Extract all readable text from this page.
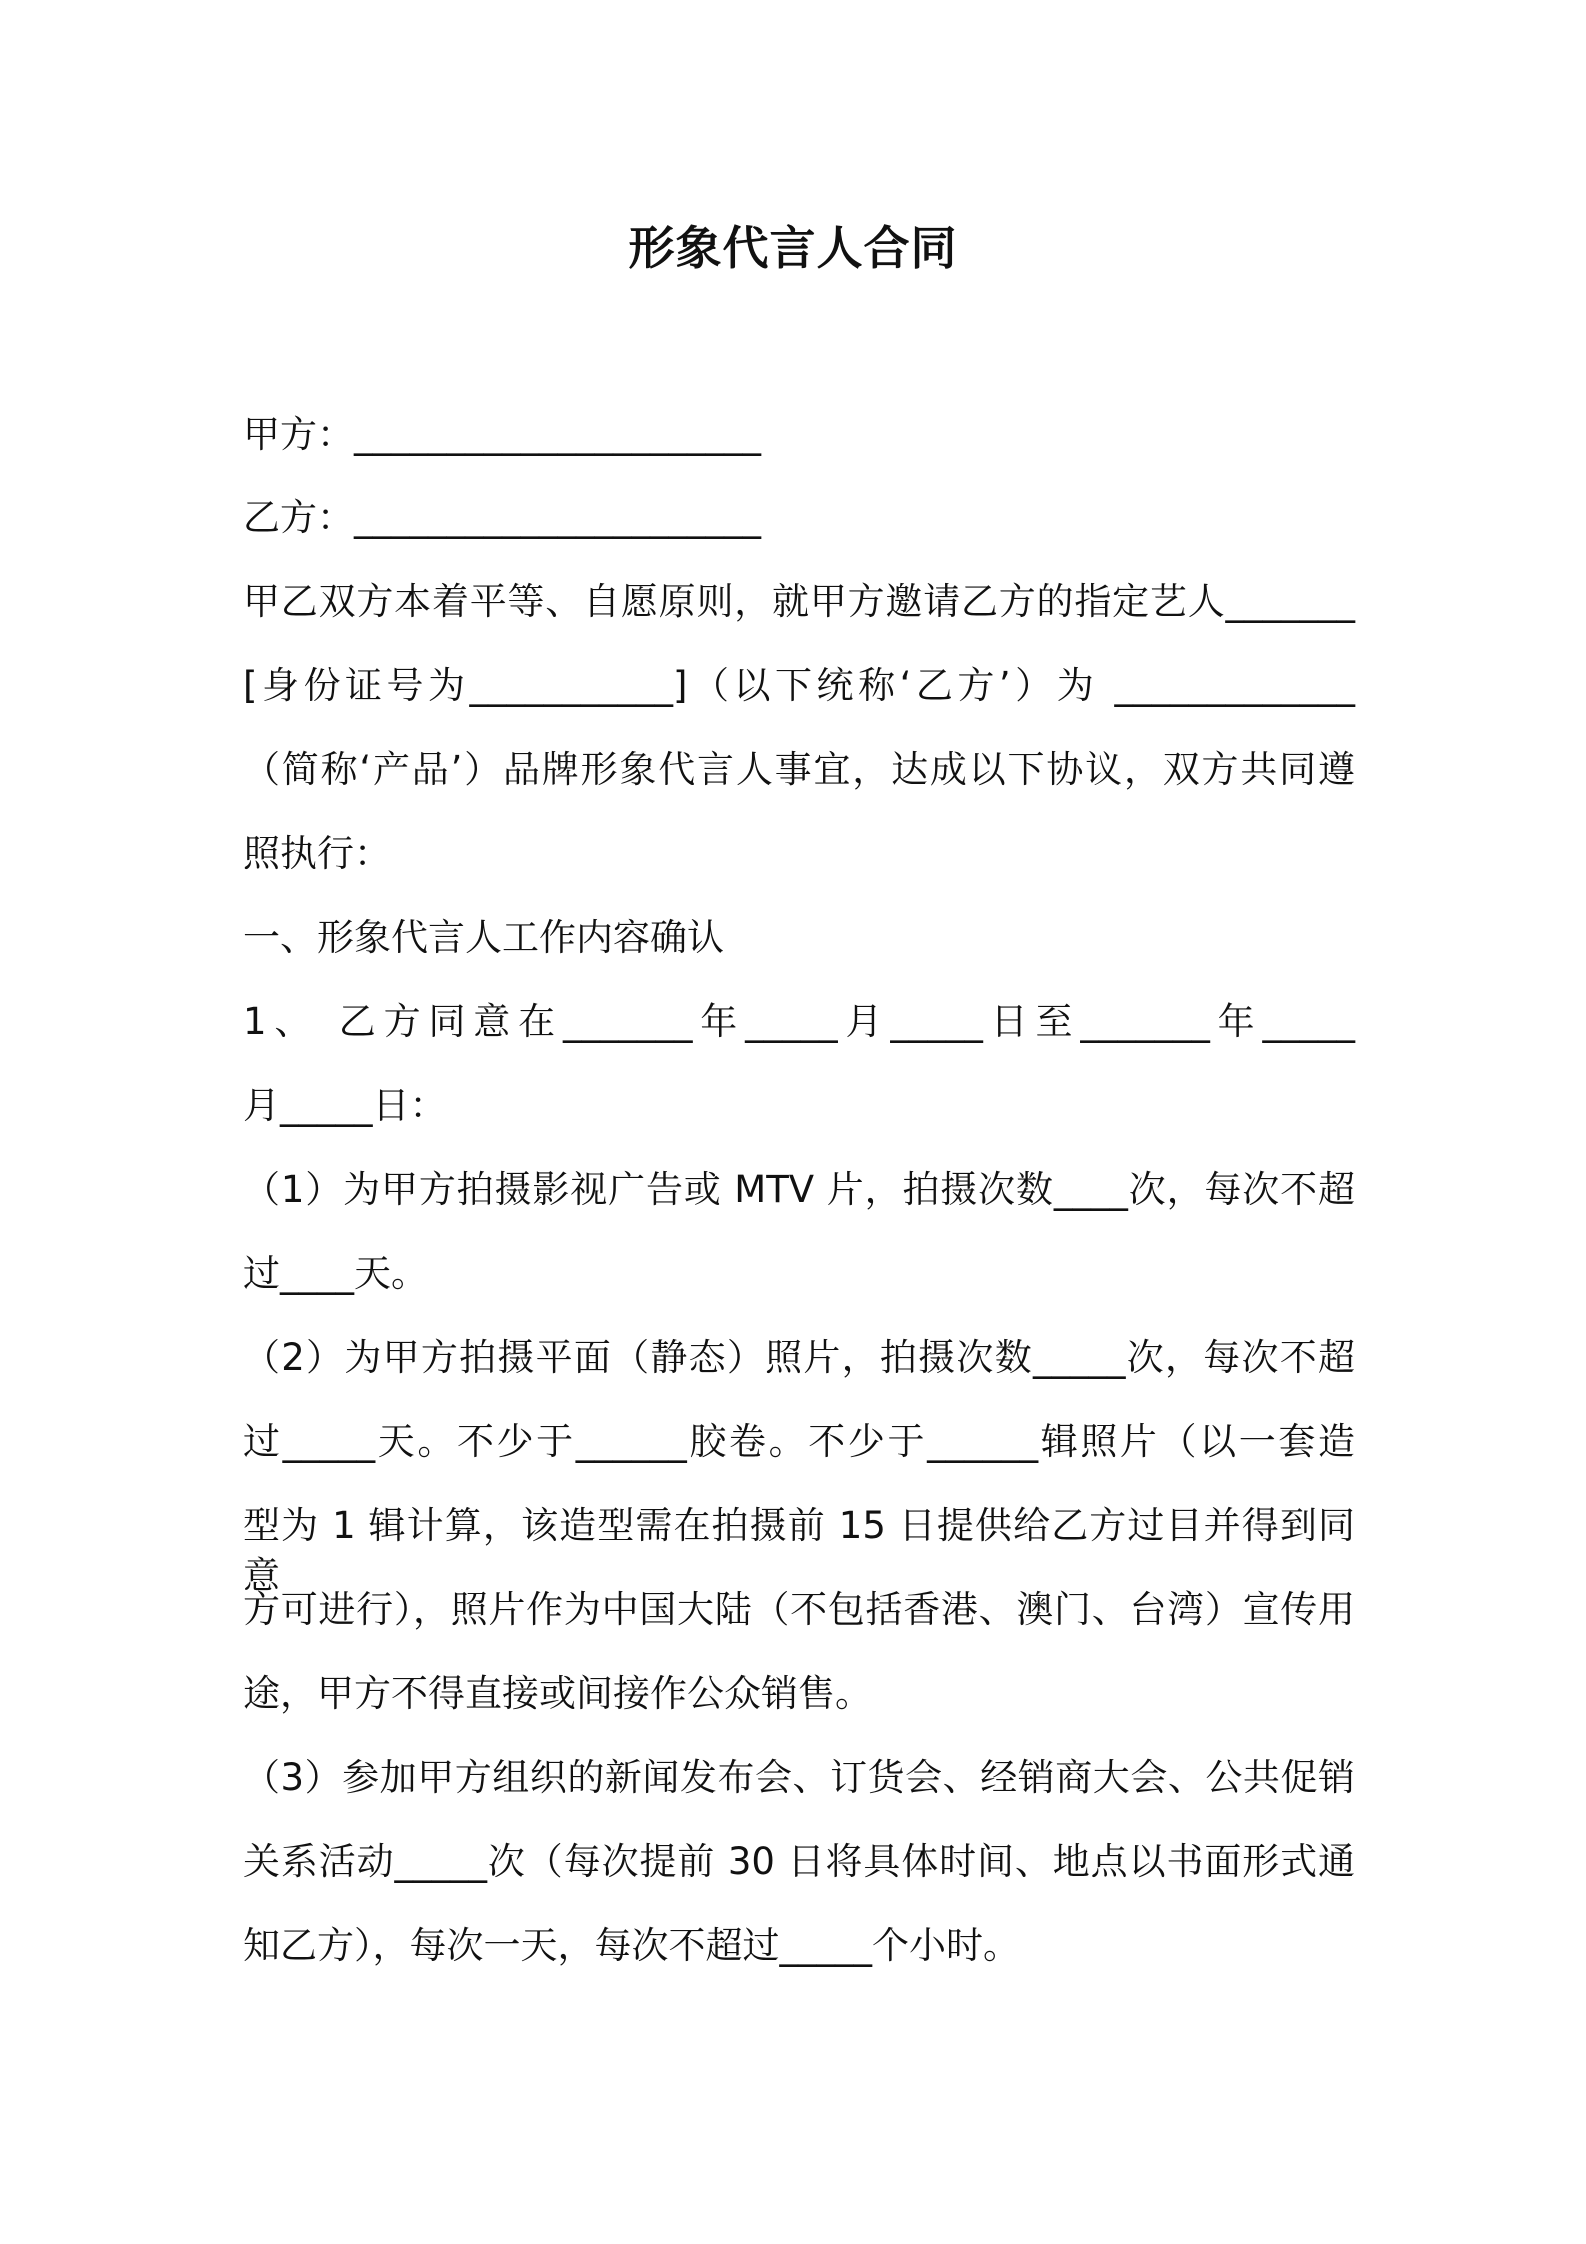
形象代言人合同
甲方：______________________
乙方：______________________
甲乙双方本着平等、自愿原则，就甲方邀请乙方的指定艺人_______
[身份证号为___________]（以下统称‘乙方’）为 _____________
（简称‘产品’）品牌形象代言人事宜，达成以下协议，双方共同遵
照执行：
一、形象代言人工作内容确认
1、 乙方同意在_______年_____月_____日至_______年_____
月_____日：
（1）为甲方拍摄影视广告或 MTV 片，拍摄次数____次，每次不超
过____天。
（2）为甲方拍摄平面（静态）照片，拍摄次数_____次，每次不超
过_____天。不少于______胶卷。不少于______辑照片（以一套造
型为 1 辑计算，该造型需在拍摄前 15 日提供给乙方过目并得到同意
方可进行），照片作为中国大陆（不包括香港、澳门、台湾）宣传用
途，甲方不得直接或间接作公众销售。
（3）参加甲方组织的新闻发布会、订货会、经销商大会、公共促销
关系活动_____次（每次提前 30 日将具体时间、地点以书面形式通
知乙方），每次一天，每次不超过_____个小时。
